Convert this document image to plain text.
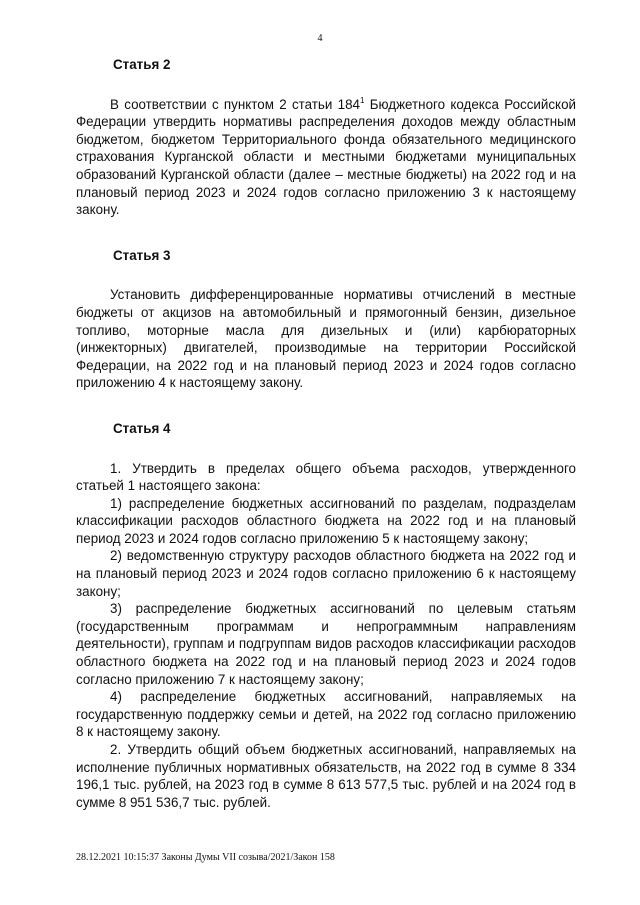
4
Статья 2

В соответствии с пунктом 2 статьи $184^1$ Бюджетного кодекса Российской Федерации утвердить нормативы распределения доходов между областным бюджетом, бюджетом Территориального фонда обязательного медицинского страхования Курганской области и местными бюджетами муниципальных образований Курганской области (далее – местные бюджеты) на 2022 год и на плановый период 2023 и 2024 годов согласно приложению 3 к настоящему закону.

Статья 3

Установить дифференцированные нормативы отчислений в местные бюджеты от акцизов на автомобильный и прямогонный бензин, дизельное топливо, моторные масла для дизельных и (или) карбюраторных (инжекторных) двигателей, производимые на территории Российской Федерации, на 2022 год и на плановый период 2023 и 2024 годов согласно приложению 4 к настоящему закону.

Статья 4

1. Утвердить в пределах общего объема расходов, утвержденного статьей 1 настоящего закона:

1) распределение бюджетных ассигнований по разделам, подразделам классификации расходов областного бюджета на 2022 год и на плановый период 2023 и 2024 годов согласно приложению 5 к настоящему закону;

2) ведомственную структуру расходов областного бюджета на 2022 год и на плановый период 2023 и 2024 годов согласно приложению 6 к настоящему закону;

3) распределение бюджетных ассигнований по целевым статьям (государственным программам и непрограммным направлениям деятельности), группам и подгруппам видов расходов классификации расходов областного бюджета на 2022 год и на плановый период 2023 и 2024 годов согласно приложению 7 к настоящему закону;

4) распределение бюджетных ассигнований, направляемых на государственную поддержку семьи и детей, на 2022 год согласно приложению 8 к настоящему закону.

2. Утвердить общий объем бюджетных ассигнований, направляемых на исполнение публичных нормативных обязательств, на 2022 год в сумме 8 334 196,1 тыс. рублей, на 2023 год в сумме 8 613 577,5 тыс. рублей и на 2024 год в сумме 8 951 536,7 тыс. рублей.

28.12.2021 10:15:37 Законы Думы VII созыва/2021/Закон 158
